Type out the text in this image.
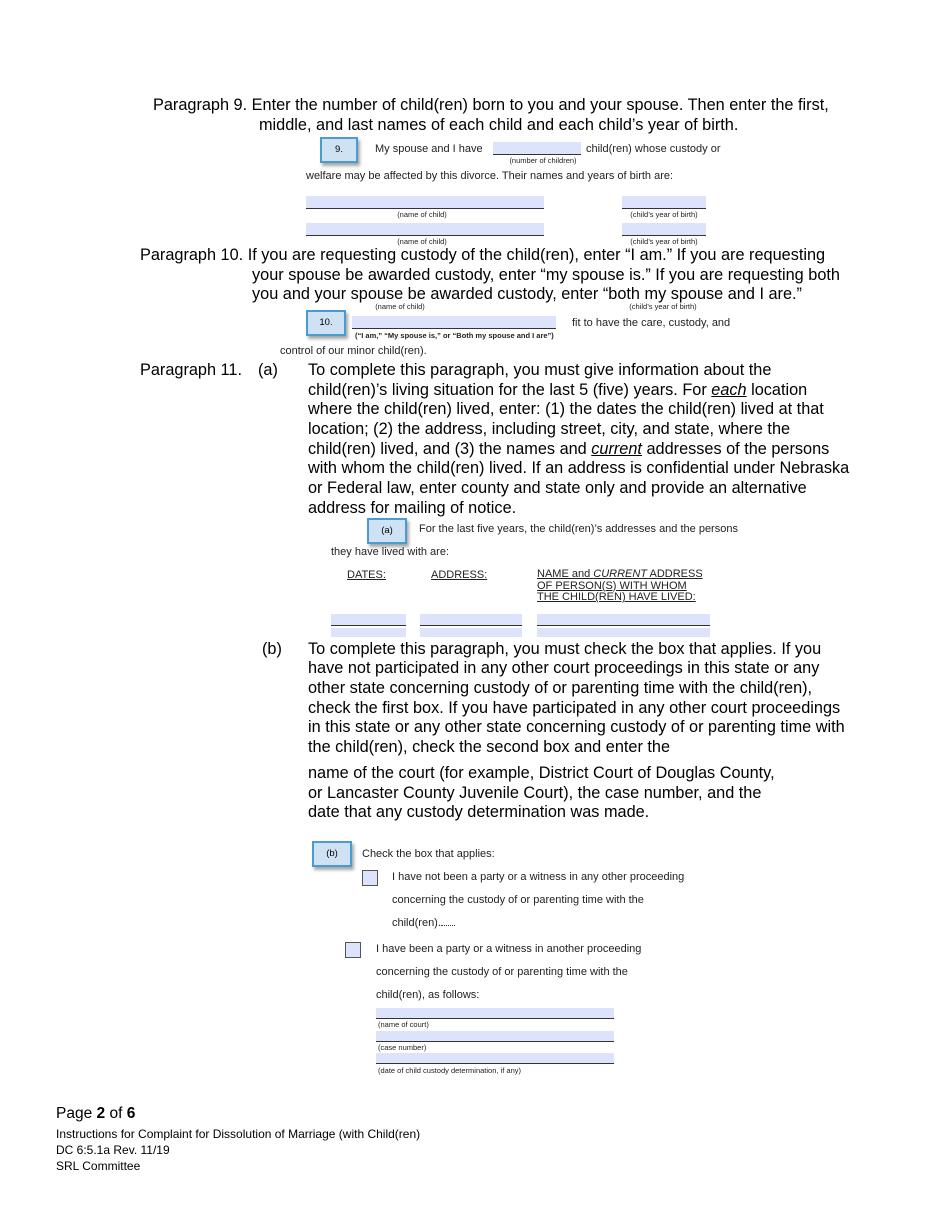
Paragraph 9. Enter the number of child(ren) born to you and your spouse. Then enter the first,
middle, and last names of each child and each child’s year of birth.
9.	My spouse and I have
(number of children)
child(ren) whose custody or
welfare may be affected by this divorce. Their names and years of birth are:
(name of child)	(child’s year of birth)
(name of child)	(child’s year of birth)
Paragraph 10. If you are requesting custody of the child(ren), enter “I am.” If you are requesting
your spouse be awarded custody, enter “my spouse is.” If you are requesting both
you and your spouse be awarded custody, enter “both my spouse and I are.”
(name of child)	(child’s year of birth)
10.	fit to have the care, custody, and
(“I am,” “My spouse is,” or “Both my spouse and I are”)
control of our minor child(ren).
Paragraph 11. (a) To complete this paragraph, you must give information about the
child(ren)’s living situation for the last 5 (five) years. For each location
where the child(ren) lived, enter: (1) the dates the child(ren) lived at that
location; (2) the address, including street, city, and state, where the
child(ren) lived, and (3) the names and current addresses of the persons
with whom the child(ren) lived. If an address is confidential under Nebraska
or Federal law, enter county and state only and provide an alternative
address for mailing of notice.
(a)	For the last five years, the child(ren)’s addresses and the persons
they have lived with are:
DATES:	ADDRESS:	NAME and CURRENT ADDRESS
OF PERSON(S) WITH WHOM
THE CHILD(REN) HAVE LIVED:
(b) To complete this paragraph, you must check the box that applies. If you
have not participated in any other court proceedings in this state or any
other state concerning custody of or parenting time with the child(ren),
check the first box. If you have participated in any other court proceedings
in this state or any other state concerning custody of or parenting time with
the child(ren), check the second box and enter the
name of the court (for example, District Court of Douglas County,
or Lancaster County Juvenile Court), the case number, and the
date that any custody determination was made.
(b)	Check the box that applies:
I have not been a party or a witness in any other proceeding
concerning the custody of or parenting time with the
child(ren).
I have been a party or a witness in another proceeding
concerning the custody of or parenting time with the
child(ren), as follows:
(name of court)
(case number)
(date of child custody determination, if any)
Page 2 of 6
Instructions for Complaint for Dissolution of Marriage (with Child(ren)
DC 6:5.1a Rev. 11/19
SRL Committee
